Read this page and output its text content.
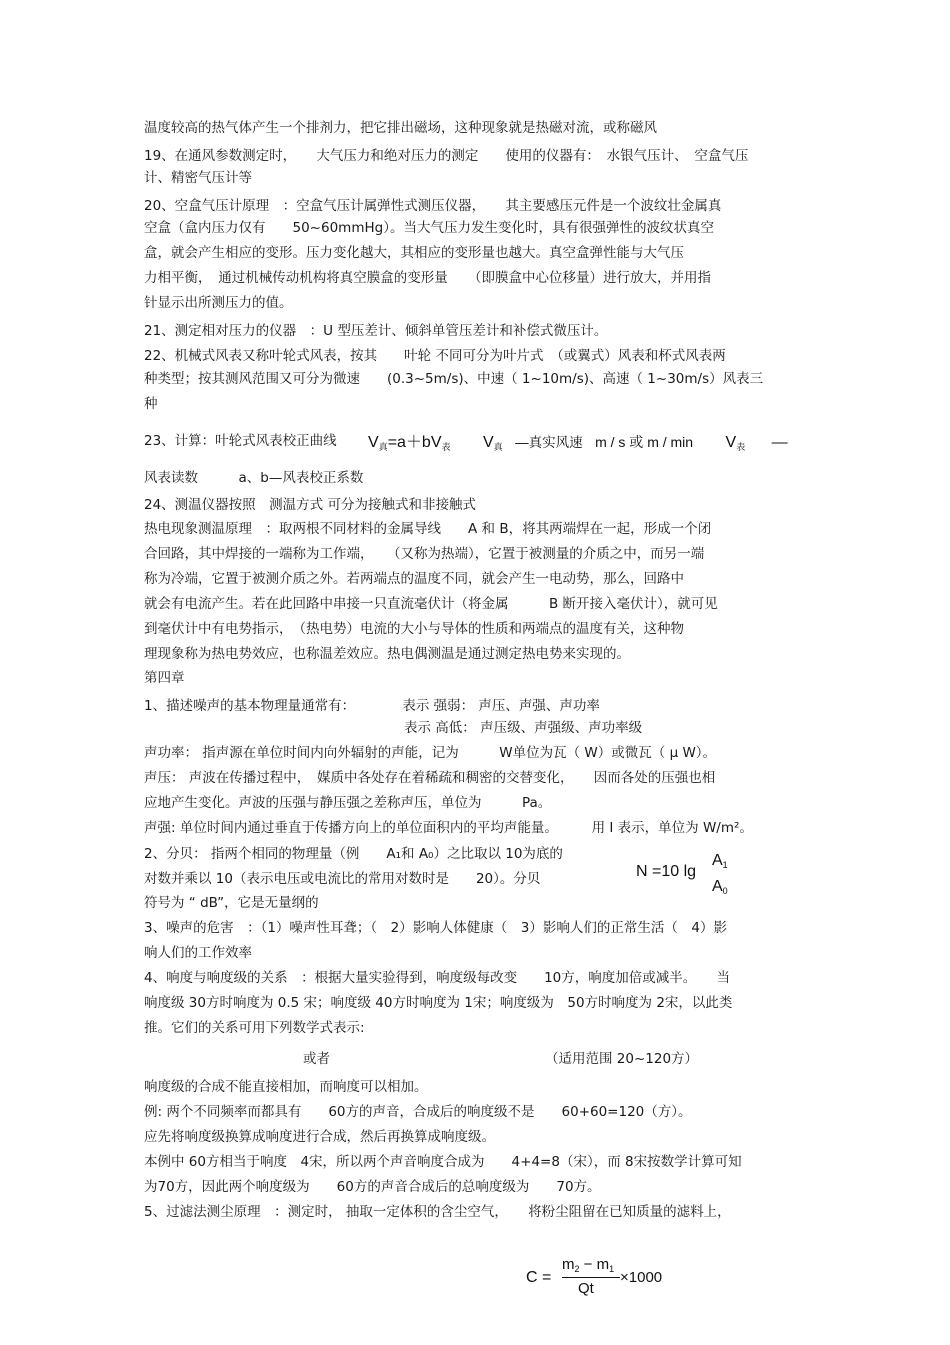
温度较高的热气体产生一个排剂力，把它排出磁场，这种现象就是热磁对流，或称磁风
19、在通风参数测定时，　　大气压力和绝对压力的测定　　使用的仪器有：　水银气压计、　空盒气压
计、精密气压计等
20、空盒气压计原理　：空盒气压计属弹性式测压仪器，　　其主要感压元件是一个波纹壮金属真
空盒（盒内压力仅有　　50~60mmHg）。当大气压力发生变化时，具有很强弹性的波纹状真空
盒，就会产生相应的变形。压力变化越大，其相应的变形量也越大。真空盒弹性能与大气压
力相平衡，　通过机械传动机构将真空膜盒的变形量　　（即膜盒中心位移量）进行放大，并用指
针显示出所测压力的值。
21、测定相对压力的仪器　：U 型压差计、倾斜单管压差计和补偿式微压计。
22、机械式风表又称叶轮式风表，按其　　叶轮 不同可分为叶片式　（或翼式）风表和杯式风表两
种类型；按其测风范围又可分为微速　　(0.3~5m/s)、中速（ 1~10m/s)、高速（ 1~30m/s）风表三
种
23、计算：叶轮式风表校正曲线 V真=a＋bV表 V真 —真实风速 m / s 或 m / min V表 —
风表读数　　　a、b—风表校正系数
24、测温仪器按照　测温方式 可分为接触式和非接触式
热电现象测温原理　：取两根不同材料的金属导线　　A 和 B，将其两端焊在一起，形成一个闭
合回路，其中焊接的一端称为工作端，　　（又称为热端），它置于被测量的介质之中，而另一端
称为冷端，它置于被测介质之外。若两端点的温度不同，就会产生一电动势，那么，回路中
就会有电流产生。若在此回路中串接一只直流毫伏计（将金属　　　B 断开接入毫伏计），就可见
到毫伏计中有电势指示，　（热电势）电流的大小与导体的性质和两端点的温度有关，这种物
理现象称为热电势效应，也称温差效应。热电偶测温是通过测定热电势来实现的。
第四章
1、描述噪声的基本物理量通常有：　　　　表示 强弱： 声压、声强、声功率
表示 高低： 声压级、声强级、声功率级
声功率： 指声源在单位时间内向外辐射的声能，记为　　　W单位为瓦（ W）或微瓦（ μ W）。
声压： 声波在传播过程中，　媒质中各处存在着稀疏和稠密的交替变化，　　因而各处的压强也相
应地产生变化。声波的压强与静压强之差称声压，单位为　　　Pa。
声强: 单位时间内通过垂直于传播方向上的单位面积内的平均声能量。　　　用 I 表示，单位为 W/m²。
2、分贝： 指两个相同的物理量（例　　A₁和 A₀）之比取以 10为底的
对数并乘以 10（表示电压或电流比的常用对数时是　　20）。分贝
符号为 “ dB”，它是无量纲的
N =10 lg
A1
A0
3、噪声的危害　：（1）噪声性耳聋；（　2）影响人体健康（　3）影响人们的正常生活（　4）影
响人们的工作效率
4、响度与响度级的关系　：根据大量实验得到，响度级每改变　　10方，响度加倍或减半。　　当
响度级 30方时响度为 0.5 宋；响度级 40方时响度为 1宋；响度级为　50方时响度为 2宋，以此类
推。它们的关系可用下列数学式表示:
或者	（适用范围 20~120方）
响度级的合成不能直接相加，而响度可以相加。
例: 两个不同频率而都具有　　60方的声音，合成后的响度级不是　　60+60=120（方）。
应先将响度级换算成响度进行合成，然后再换算成响度级。
本例中 60方相当于响度　4宋，所以两个声音响度合成为　　4+4=8（宋），而 8宋按数学计算可知
为70方，因此两个响度级为　　60方的声音合成后的总响度级为　　70方。
5、过滤法测尘原理　：测定时， 抽取一定体积的含尘空气，　　将粉尘阻留在已知质量的滤料上，
C =
$m_2 - m_1$
Qt
×1000
